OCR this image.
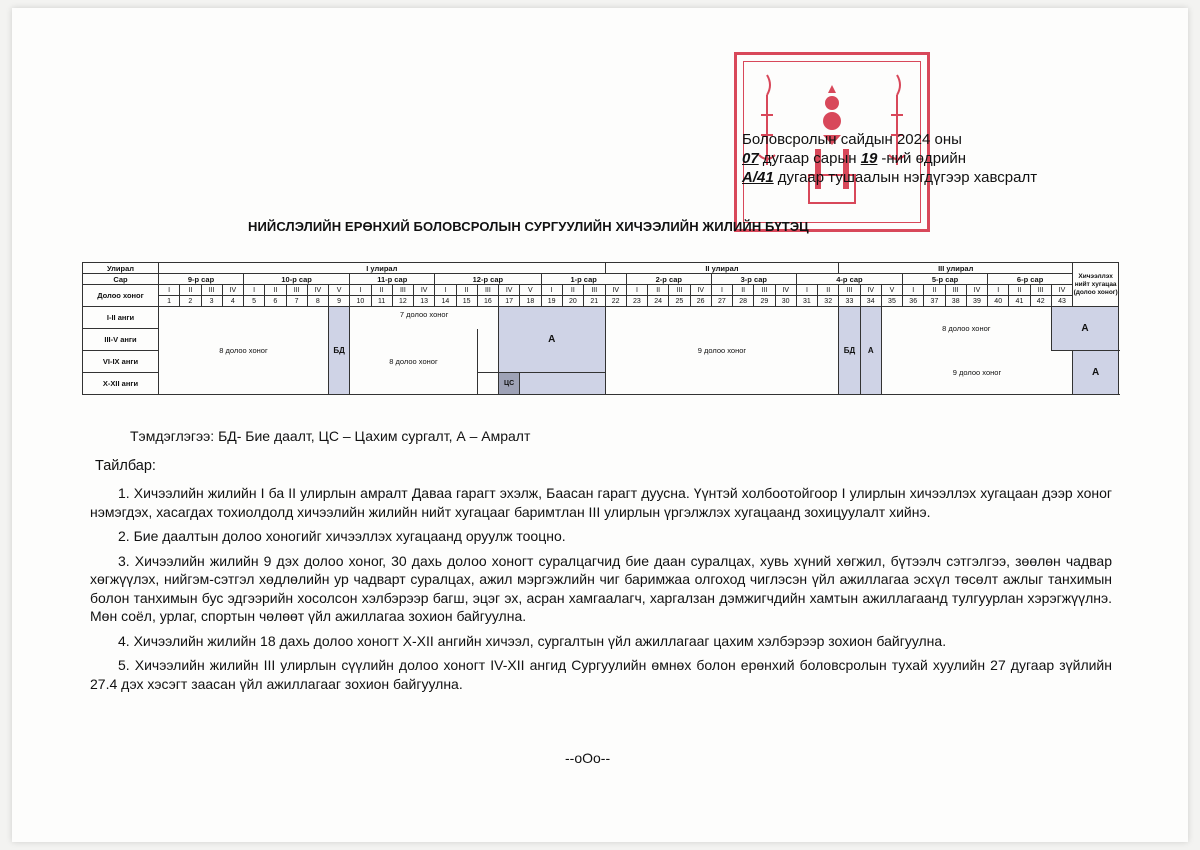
Боловсролын сайдын 2024 оны
07 дугаар сарын 19 -ний өдрийн
А/41 дугаар тушаалын нэгдүгээр хавсралт
НИЙСЛЭЛИЙН ЕРӨНХИЙ БОЛОВСРОЛЫН СУРГУУЛИЙН ХИЧЭЭЛИЙН ЖИЛИЙН БҮТЭЦ
Улирал	I улирал																					II улирал											III улирал											Хичээллэх нийт хугацаа (долоо хоног)	
Сар	9-р сар				10-р сар					11-р сар				12-р сар					1-р сар				2-р сар				3-р сар				4-р сар					5-р сар				6-р сар					
Долоо хоног	I	II	III	IV	I	II	III	IV	V	I	II	III	IV	I	II	III	IV	V	I	II	III	IV	I	II	III	IV	I	II	III	IV	I	II	III	IV	V	I	II	III	IV	I	II	III	IV		
	1	2	3	4	5	6	7	8	9	10	11	12	13	14	15	16	17	18	19	20	21	22	23	24	25	26	27	28	29	30	31	32	33	34	35	36	37	38	39	40	41	42	43		
I-II анги	8 долоо хоног								БД	7 долоо хоног							А					9 долоо хоног											БД	А	8 долоо хоног								А	
III-V анги										8 долоо хоног		
VI-IX анги																																			9 долоо хоног									А	
X-XII анги																	ЦС		
Тэмдэглэгээ: БД- Бие даалт, ЦС – Цахим сургалт, А – Амралт
Тайлбар:

1. Хичээлийн жилийн I ба II улирлын амралт Даваа гарагт эхэлж, Баасан гарагт дуусна. Үүнтэй холбоотойгоор I улирлын хичээллэх хугацаан дээр хоног нэмэгдэх, хасагдах тохиолдолд хичээлийн жилийн нийт хугацааг баримтлан III улирлын үргэлжлэх хугацаанд зохицуулалт хийнэ.

2. Бие даалтын долоо хоногийг хичээллэх хугацаанд оруулж тооцно.

3. Хичээлийн жилийн 9 дэх долоо хоног, 30 дахь долоо хоногт суралцагчид бие даан суралцах, хувь хүний хөгжил, бүтээлч сэтгэлгээ, зөөлөн чадвар хөгжүүлэх, нийгэм-сэтгэл хөдлөлийн ур чадварт суралцах, ажил мэргэжлийн чиг баримжаа олгоход чиглэсэн үйл ажиллагаа эсхүл төсөлт ажлыг танхимын болон танхимын бус эдгээрийн хосолсон хэлбэрээр багш, эцэг эх, асран хамгаалагч, харгалзан дэмжигчдийн хамтын ажиллагаанд тулгуурлан хэрэгжүүлнэ. Мөн соёл, урлаг, спортын чөлөөт үйл ажиллагаа зохион байгуулна.

4. Хичээлийн жилийн 18 дахь долоо хоногт X-XII ангийн хичээл, сургалтын үйл ажиллагааг цахим хэлбэрээр зохион байгуулна.

5. Хичээлийн жилийн III улирлын сүүлийн долоо хоногт IV-XII ангид Сургуулийн өмнөх болон ерөнхий боловсролын тухай хуулийн 27 дугаар зүйлийн 27.4 дэх хэсэгт заасан үйл ажиллагааг зохион байгуулна.

--oOo--
